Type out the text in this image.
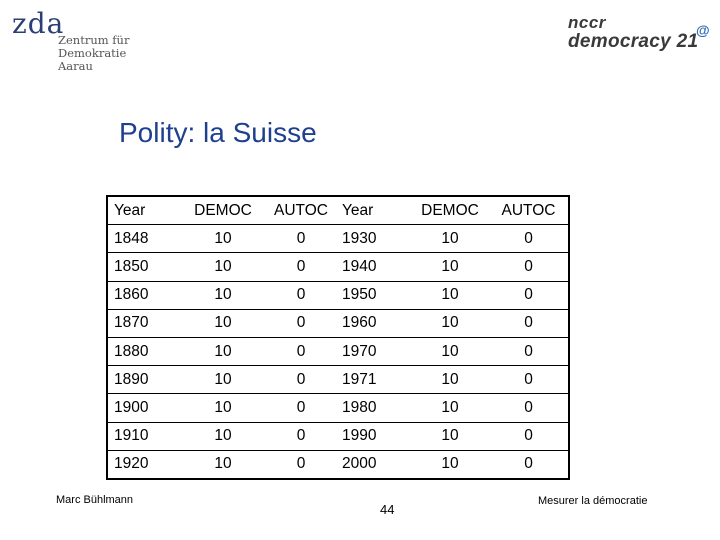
zda
Zentrum für
Demokratie
Aarau
nccr
democracy 21
@
Polity: la Suisse
Year	DEMOC	AUTOC	Year	DEMOC	AUTOC
1848	10	0	1930	10	0
1850	10	0	1940	10	0
1860	10	0	1950	10	0
1870	10	0	1960	10	0
1880	10	0	1970	10	0
1890	10	0	1971	10	0
1900	10	0	1980	10	0
1910	10	0	1990	10	0
1920	10	0	2000	10	0
Marc Bühlmann
44
Mesurer la démocratie
